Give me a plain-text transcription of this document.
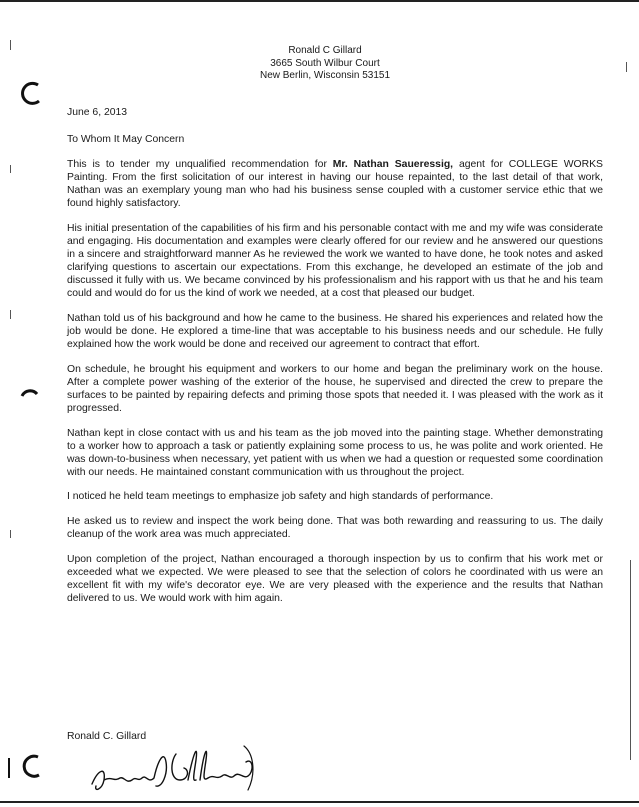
Ronald C Gillard
3665 South Wilbur Court
New Berlin, Wisconsin 53151
June 6, 2013
To Whom It May Concern

This is to tender my unqualified recommendation for Mr. Nathan Saueressig, agent for COLLEGE WORKS Painting. From the first solicitation of our interest in having our house repainted, to the last detail of that work, Nathan was an exemplary young man who had his business sense coupled with a customer service ethic that we found highly satisfactory.

His initial presentation of the capabilities of his firm and his personable contact with me and my wife was considerate and engaging. His documentation and examples were clearly offered for our review and he answered our questions in a sincere and straightforward manner As he reviewed the work we wanted to have done, he took notes and asked clarifying questions to ascertain our expectations. From this exchange, he developed an estimate of the job and discussed it fully with us. We became convinced by his professionalism and his rapport with us that he and his team could and would do for us the kind of work we needed, at a cost that pleased our budget.

Nathan told us of his background and how he came to the business. He shared his experiences and related how the job would be done. He explored a time-line that was acceptable to his business needs and our schedule. He fully explained how the work would be done and received our agreement to contract that effort.

On schedule, he brought his equipment and workers to our home and began the preliminary work on the house. After a complete power washing of the exterior of the house, he supervised and directed the crew to prepare the surfaces to be painted by repairing defects and priming those spots that needed it. I was pleased with the work as it progressed.

Nathan kept in close contact with us and his team as the job moved into the painting stage. Whether demonstrating to a worker how to approach a task or patiently explaining some process to us, he was polite and work oriented. He was down-to-business when necessary, yet patient with us when we had a question or requested some coordination with our needs. He maintained constant communication with us throughout the project.

I noticed he held team meetings to emphasize job safety and high standards of performance.

He asked us to review and inspect the work being done. That was both rewarding and reassuring to us. The daily cleanup of the work area was much appreciated.

Upon completion of the project, Nathan encouraged a thorough inspection by us to confirm that his work met or exceeded what we expected. We were pleased to see that the selection of colors he coordinated with us were an excellent fit with my wife's decorator eye. We are very pleased with the experience and the results that Nathan delivered to us. We would work with him again.

Ronald C. Gillard
